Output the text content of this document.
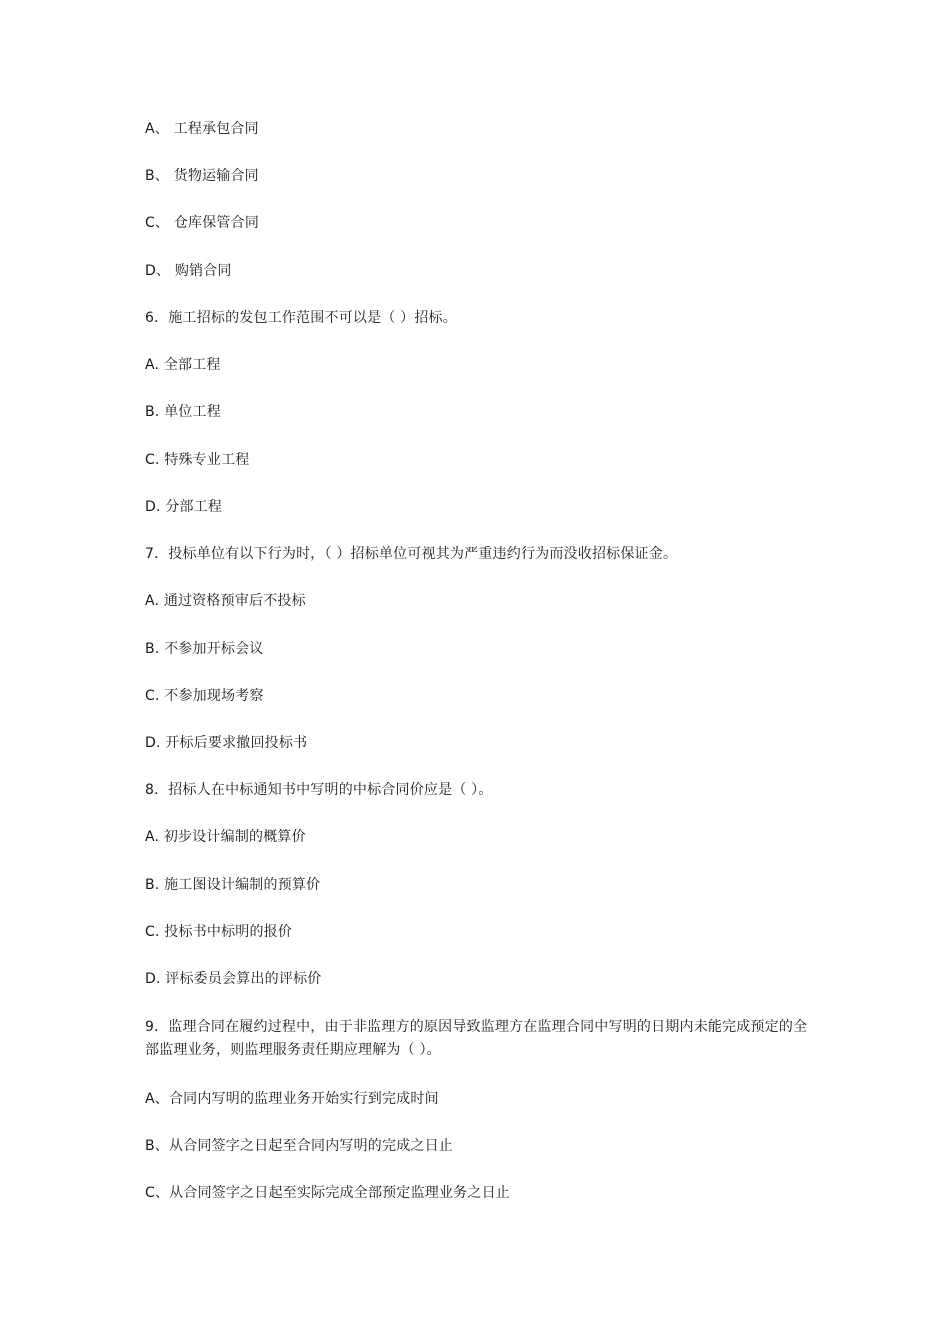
A、 工程承包合同
B、 货物运输合同
C、 仓库保管合同
D、 购销合同
6．施工招标的发包工作范围不可以是（ ）招标。
A. 全部工程
B. 单位工程
C. 特殊专业工程
D. 分部工程
7．投标单位有以下行为时，（ ）招标单位可视其为严重违约行为而没收招标保证金。
A. 通过资格预审后不投标
B. 不参加开标会议
C. 不参加现场考察
D. 开标后要求撤回投标书
8．招标人在中标通知书中写明的中标合同价应是（ ）。
A. 初步设计编制的概算价
B. 施工图设计编制的预算价
C. 投标书中标明的报价
D. 评标委员会算出的评标价
9．监理合同在履约过程中，由于非监理方的原因导致监理方在监理合同中写明的日期内未能完成预定的全部监理业务，则监理服务责任期应理解为（ ）。
A、合同内写明的监理业务开始实行到完成时间
B、从合同签字之日起至合同内写明的完成之日止
C、从合同签字之日起至实际完成全部预定监理业务之日止
